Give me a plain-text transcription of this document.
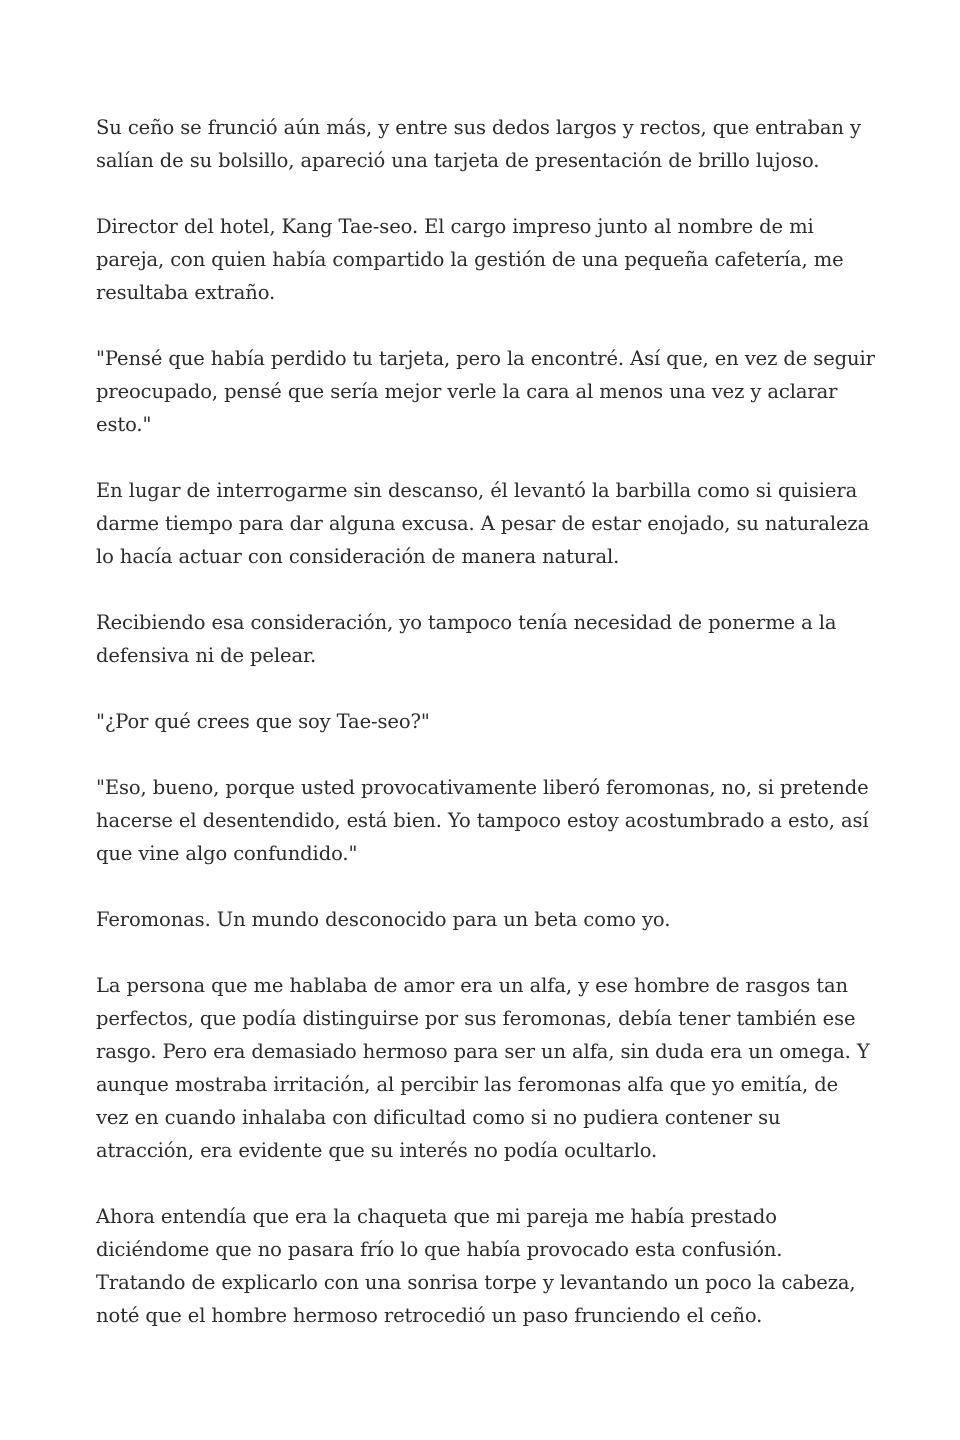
Su ceño se frunció aún más, y entre sus dedos largos y rectos, que entraban y salían de su bolsillo, apareció una tarjeta de presentación de brillo lujoso.

Director del hotel, Kang Tae-seo. El cargo impreso junto al nombre de mi pareja, con quien había compartido la gestión de una pequeña cafetería, me resultaba extraño.

"Pensé que había perdido tu tarjeta, pero la encontré. Así que, en vez de seguir preocupado, pensé que sería mejor verle la cara al menos una vez y aclarar esto."

En lugar de interrogarme sin descanso, él levantó la barbilla como si quisiera darme tiempo para dar alguna excusa. A pesar de estar enojado, su naturaleza lo hacía actuar con consideración de manera natural.

Recibiendo esa consideración, yo tampoco tenía necesidad de ponerme a la defensiva ni de pelear.

"¿Por qué crees que soy Tae-seo?"

"Eso, bueno, porque usted provocativamente liberó feromonas, no, si pretende hacerse el desentendido, está bien. Yo tampoco estoy acostumbrado a esto, así que vine algo confundido."

Feromonas. Un mundo desconocido para un beta como yo.

La persona que me hablaba de amor era un alfa, y ese hombre de rasgos tan perfectos, que podía distinguirse por sus feromonas, debía tener también ese rasgo. Pero era demasiado hermoso para ser un alfa, sin duda era un omega. Y aunque mostraba irritación, al percibir las feromonas alfa que yo emitía, de vez en cuando inhalaba con dificultad como si no pudiera contener su atracción, era evidente que su interés no podía ocultarlo.

Ahora entendía que era la chaqueta que mi pareja me había prestado diciéndome que no pasara frío lo que había provocado esta confusión. Tratando de explicarlo con una sonrisa torpe y levantando un poco la cabeza, noté que el hombre hermoso retrocedió un paso frunciendo el ceño.
